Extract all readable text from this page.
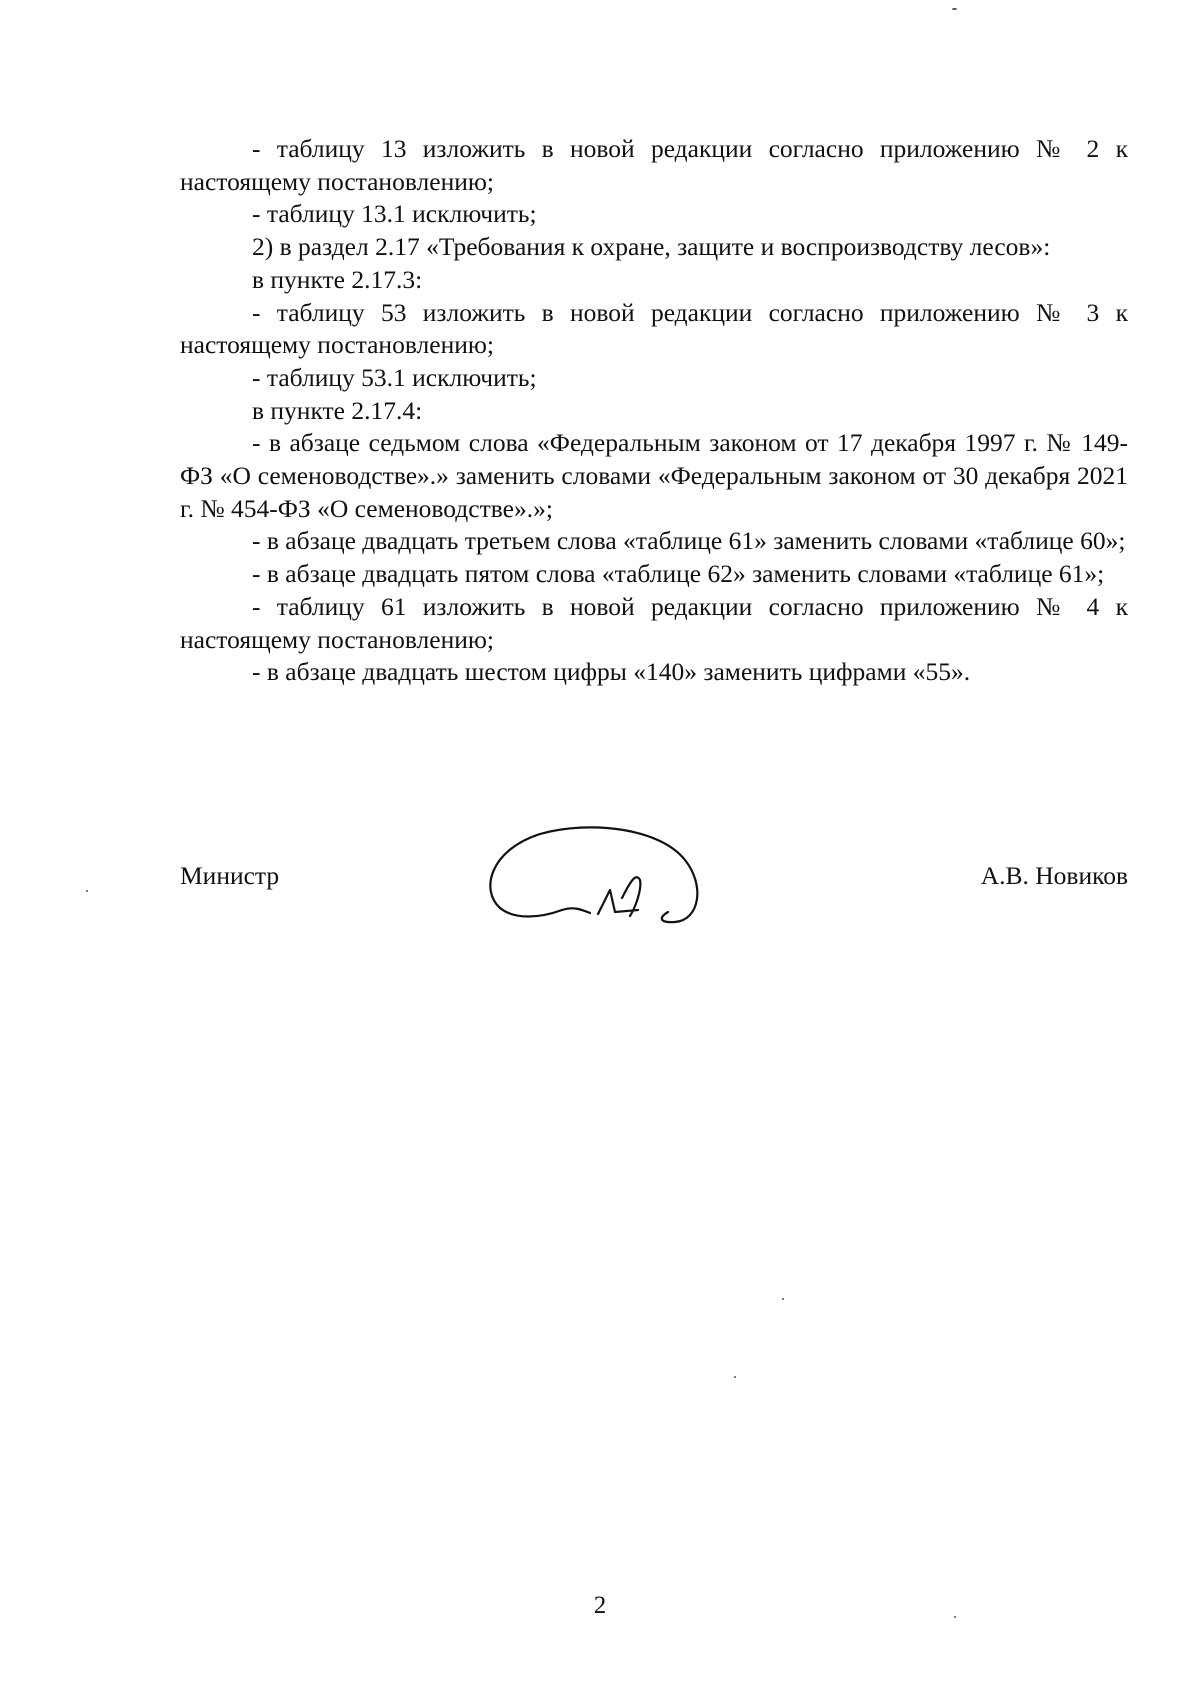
- таблицу 13 изложить в новой редакции согласно приложению № 2 к настоящему постановлению;

- таблицу 13.1 исключить;

2) в раздел 2.17 «Требования к охране, защите и воспроизводству лесов»:

в пункте 2.17.3:

- таблицу 53 изложить в новой редакции согласно приложению № 3 к настоящему постановлению;

- таблицу 53.1 исключить;

в пункте 2.17.4:

- в абзаце седьмом слова «Федеральным законом от 17 декабря 1997 г. № 149-ФЗ «О семеноводстве».» заменить словами «Федеральным законом от 30 декабря 2021 г. № 454-ФЗ «О семеноводстве».»;

- в абзаце двадцать третьем слова «таблице 61» заменить словами «таблице 60»;

- в абзаце двадцать пятом слова «таблице 62» заменить словами «таблице 61»;

- таблицу 61 изложить в новой редакции согласно приложению № 4 к настоящему постановлению;

- в абзаце двадцать шестом цифры «140» заменить цифрами «55».

Министр	А.В. Новиков
2
